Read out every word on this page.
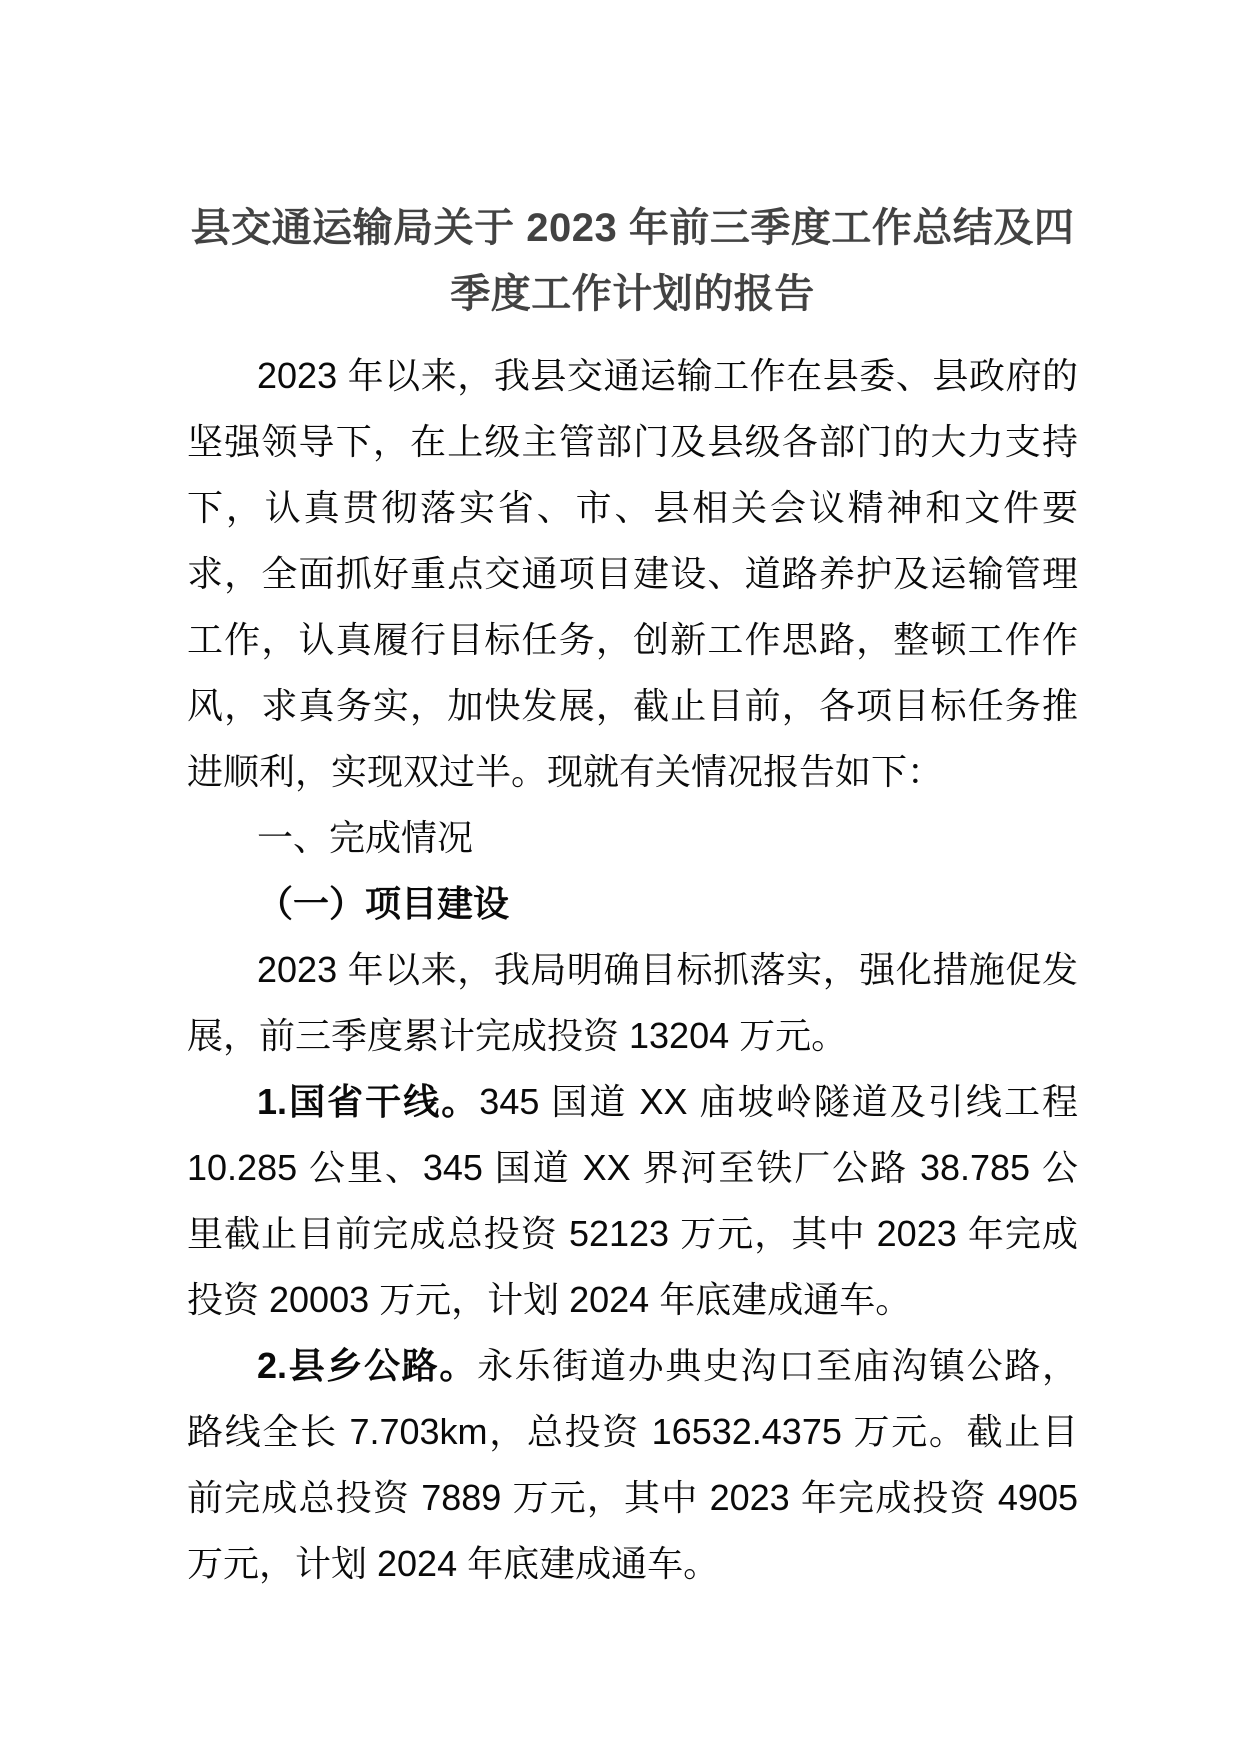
县交通运输局关于 2023 年前三季度工作总结及四季度工作计划的报告

2023 年以来，我县交通运输工作在县委、县政府的坚强领导下，在上级主管部门及县级各部门的大力支持下，认真贯彻落实省、市、县相关会议精神和文件要求，全面抓好重点交通项目建设、道路养护及运输管理工作，认真履行目标任务，创新工作思路，整顿工作作风，求真务实，加快发展，截止目前，各项目标任务推进顺利，实现双过半。现就有关情况报告如下：

一、完成情况

（一）项目建设

2023 年以来，我局明确目标抓落实，强化措施促发展，前三季度累计完成投资 13204 万元。

1.国省干线。345 国道 XX 庙坡岭隧道及引线工程 10.285 公里、345 国道 XX 界河至铁厂公路 38.785 公里截止目前完成总投资 52123 万元，其中 2023 年完成投资 20003 万元，计划 2024 年底建成通车。

2.县乡公路。永乐街道办典史沟口至庙沟镇公路，路线全长 7.703km，总投资 16532.4375 万元。截止目前完成总投资 7889 万元，其中 2023 年完成投资 4905 万元，计划 2024 年底建成通车。
